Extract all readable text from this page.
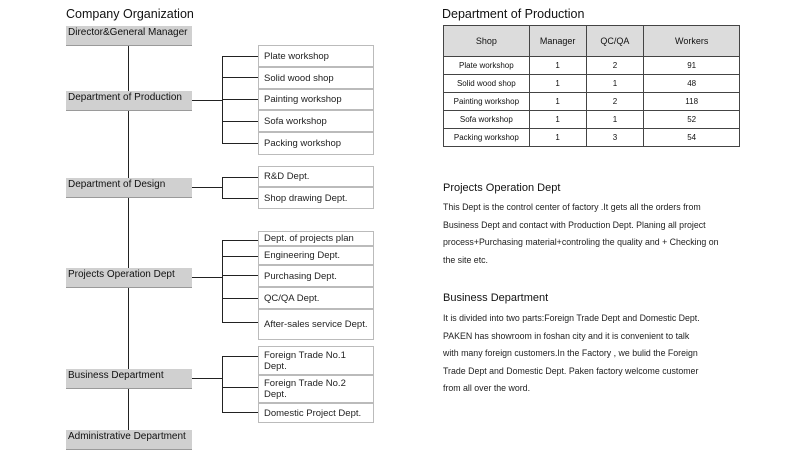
Company Organization
Director&General Manager
Department of Production
Department of Design
Projects Operation Dept
Business Department
Administrative Department
Plate workshop
Solid wood shop
Painting workshop
Sofa workshop
Packing workshop
R&D Dept.
Shop drawing Dept.
Dept. of projects plan
Engineering Dept.
Purchasing Dept.
QC/QA Dept.
After-sales service Dept.
Foreign Trade No.1 Dept.
Foreign Trade No.2 Dept.
Domestic Project Dept.
Department of Production
Shop	Manager	QC/QA	Workers
Plate workshop	1	2	91
Solid wood shop	1	1	48
Painting workshop	1	2	118
Sofa workshop	1	1	52
Packing workshop	1	3	54
Projects Operation Dept
This Dept is the control center of factory .It gets all the orders from
Business Dept and contact with Production Dept. Planing all project
process+Purchasing material+controling the quality and + Checking on
the site etc.
Business Department
It is divided into two parts:Foreign Trade Dept and Domestic Dept.
PAKEN has showroom in foshan city and it is convenient to talk
with many foreign customers.In the Factory , we bulid the Foreign
Trade Dept and Domestic Dept. Paken factory welcome customer
from all over the word.
